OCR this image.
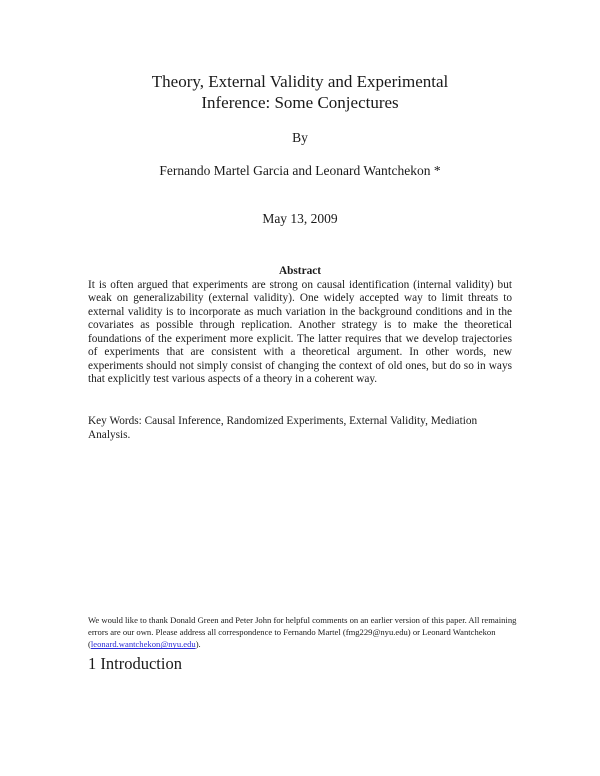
Theory, External Validity and Experimental
Inference: Some Conjectures
By
Fernando Martel Garcia and Leonard Wantchekon *
May 13, 2009
Abstract
It is often argued that experiments are strong on causal identification (internal validity) but weak on generalizability (external validity). One widely accepted way to limit threats to external validity is to incorporate as much variation in the background conditions and in the covariates as possible through replication. Another strategy is to make the theoretical foundations of the experiment more explicit. The latter requires that we develop trajectories of experiments that are consistent with a theoretical argument. In other words, new experiments should not simply consist of changing the context of old ones, but do so in ways that explicitly test various aspects of a theory in a coherent way.
Key Words: Causal Inference, Randomized Experiments, External Validity, Mediation Analysis.
We would like to thank Donald Green and Peter John for helpful comments on an earlier version of this paper. All remaining errors are our own. Please address all correspondence to Fernando Martel (fmg229@nyu.edu) or Leonard Wantchekon (leonard.wantchekon@nyu.edu).
1 Introduction
